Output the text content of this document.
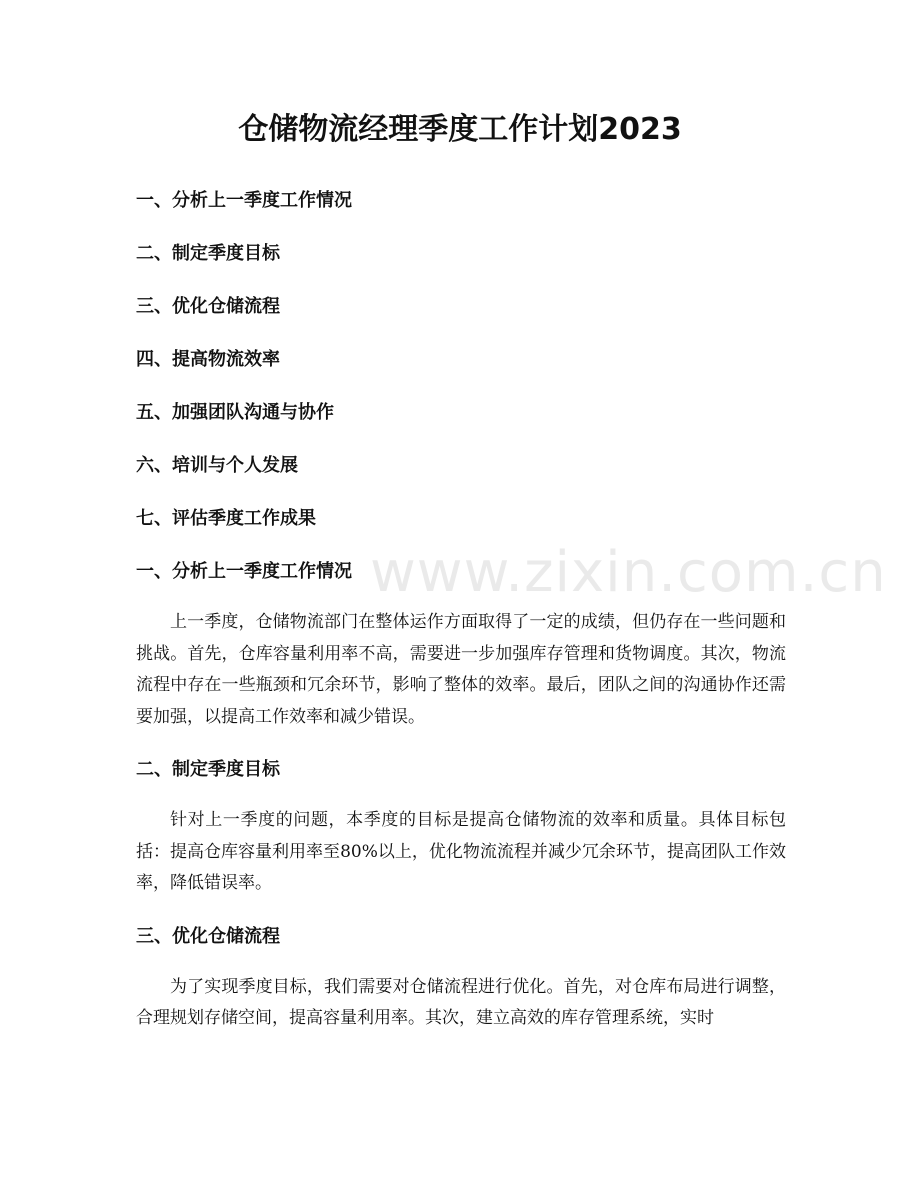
仓储物流经理季度工作计划2023
一、分析上一季度工作情况
二、制定季度目标
三、优化仓储流程
四、提高物流效率
五、加强团队沟通与协作
六、培训与个人发展
七、评估季度工作成果
一、分析上一季度工作情况

上一季度，仓储物流部门在整体运作方面取得了一定的成绩，但仍存在一些问题和挑战。首先，仓库容量利用率不高，需要进一步加强库存管理和货物调度。其次，物流流程中存在一些瓶颈和冗余环节，影响了整体的效率。最后，团队之间的沟通协作还需要加强，以提高工作效率和减少错误。

二、制定季度目标

针对上一季度的问题，本季度的目标是提高仓储物流的效率和质量。具体目标包括：提高仓库容量利用率至80%以上，优化物流流程并减少冗余环节，提高团队工作效率，降低错误率。

三、优化仓储流程

为了实现季度目标，我们需要对仓储流程进行优化。首先，对仓库布局进行调整，合理规划存储空间，提高容量利用率。其次，建立高效的库存管理系统，实时

www.zixin.com.cn
